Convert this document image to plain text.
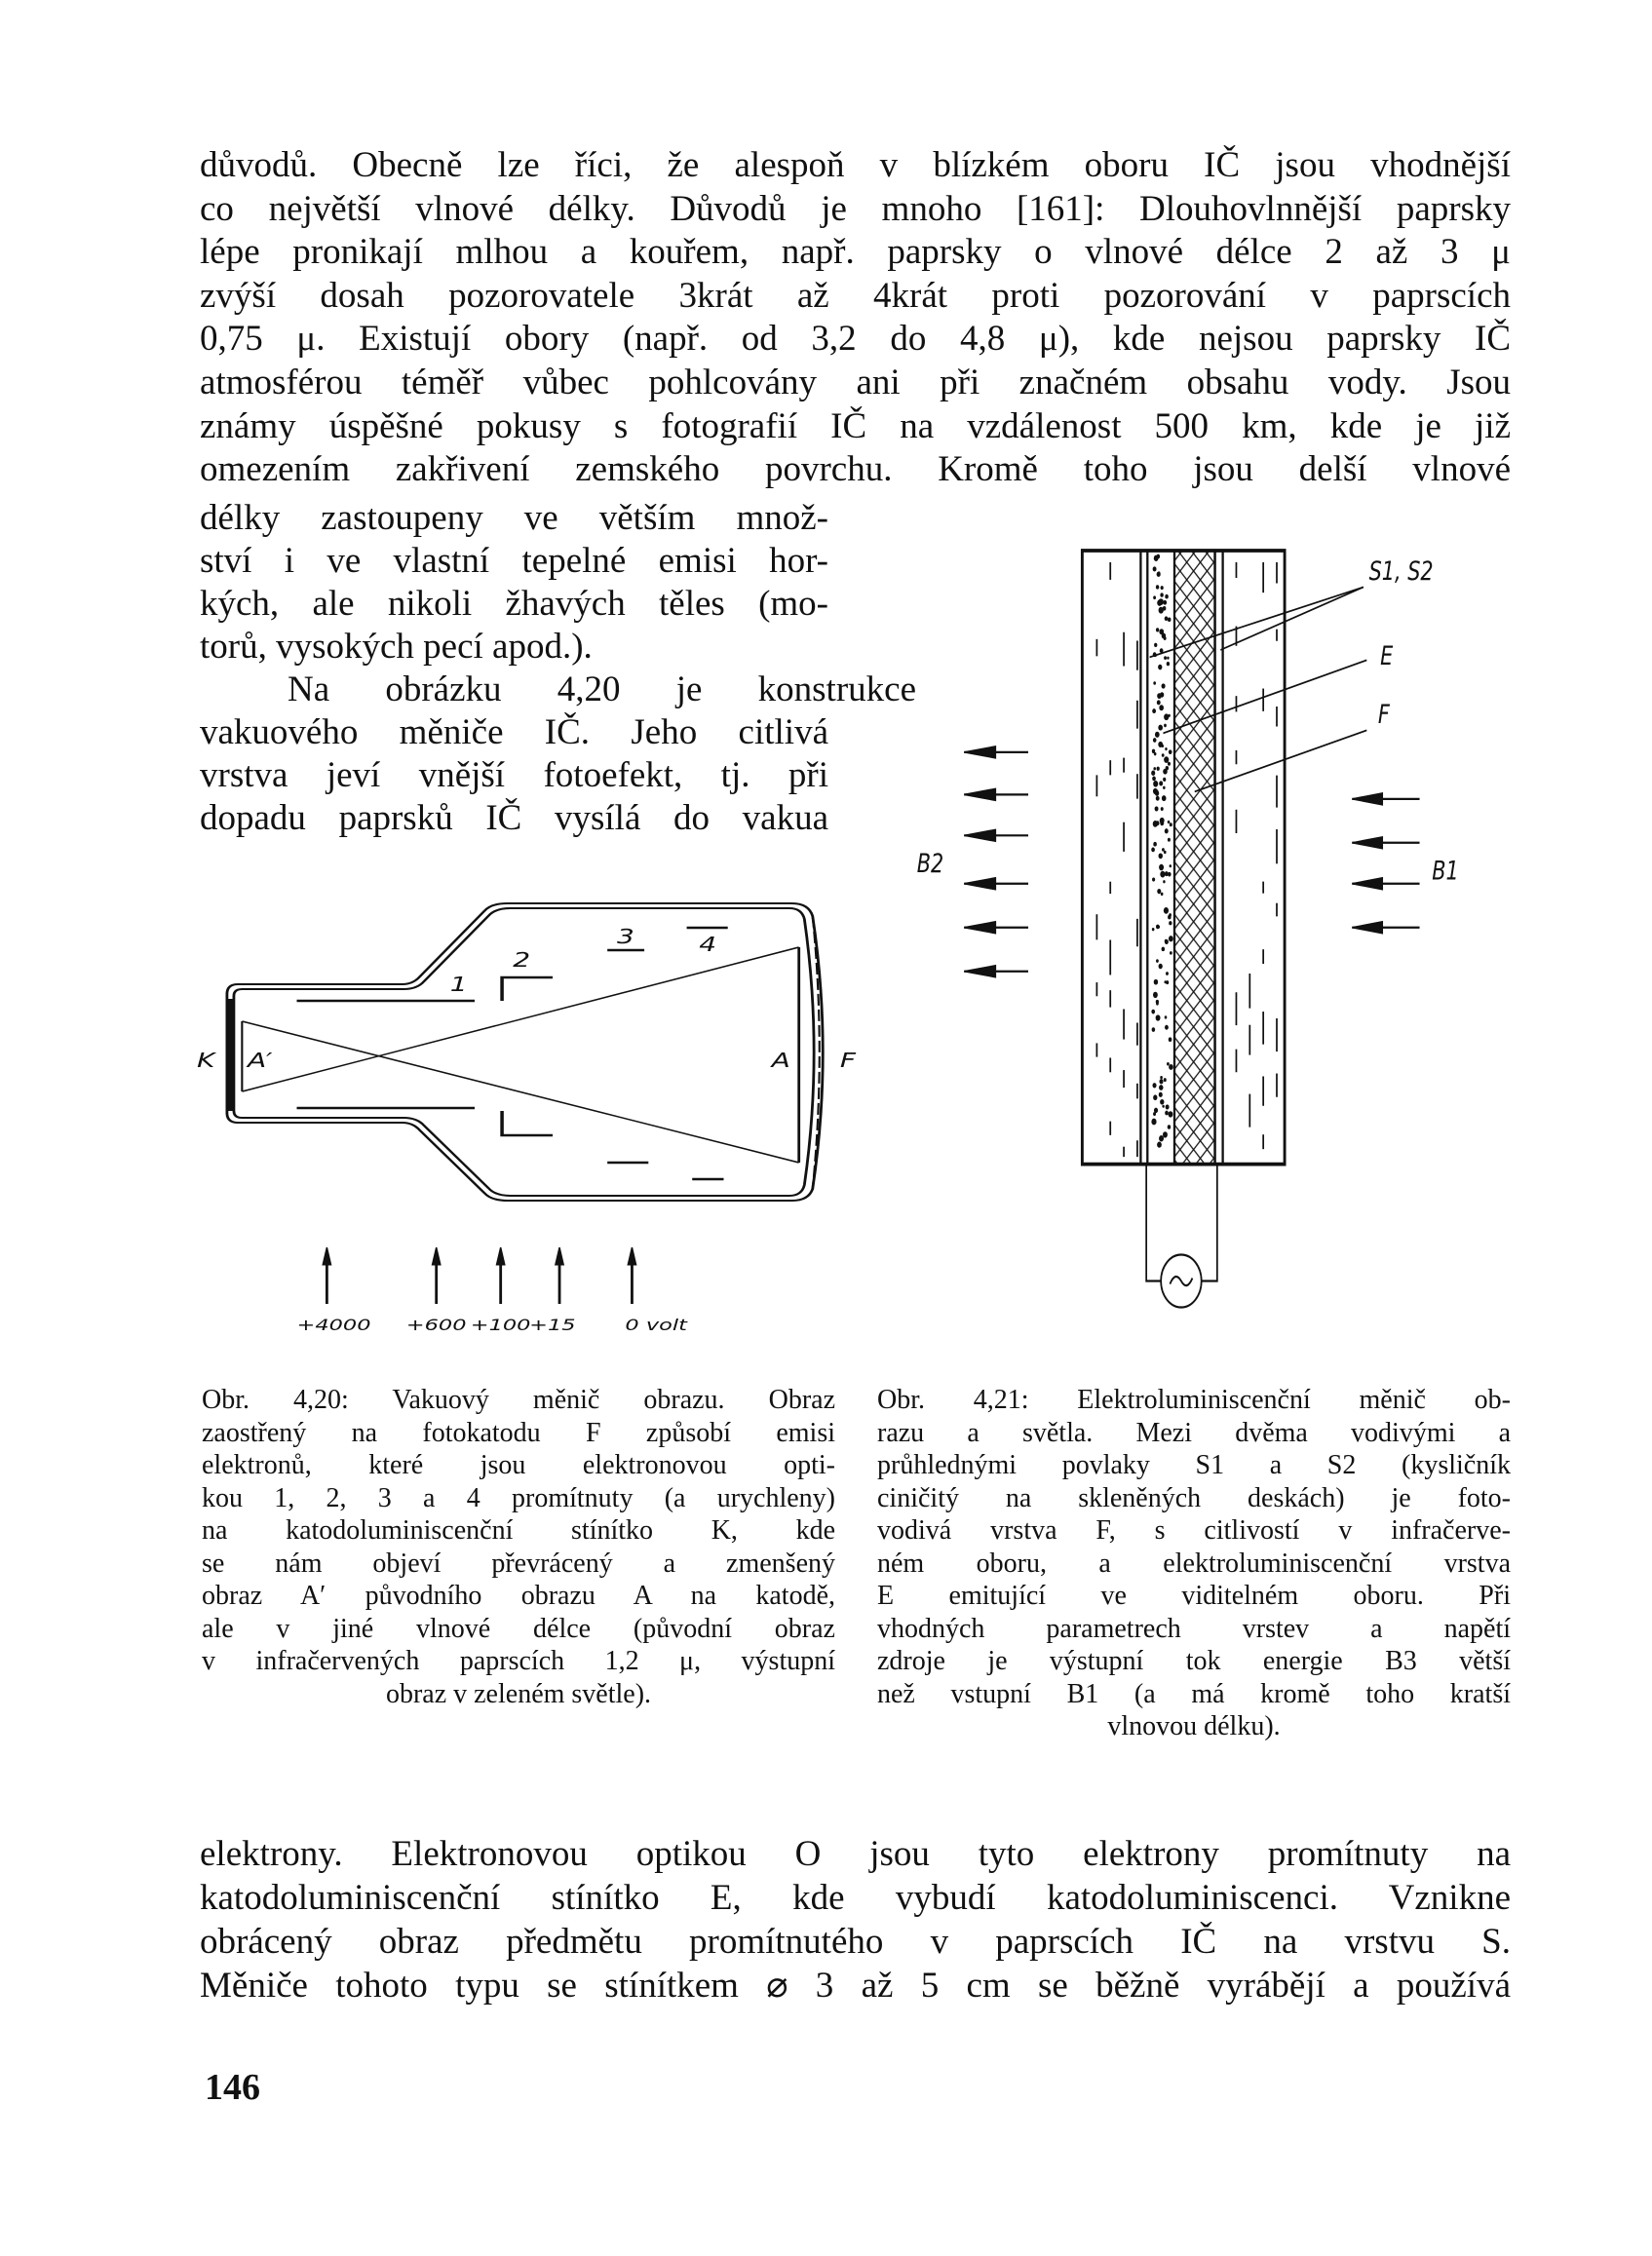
důvodů. Obecně lze říci, že alespoň v blízkém oboru IČ jsou vhodnější
co největší vlnové délky. Důvodů je mnoho [161]: Dlouhovlnnější paprsky
lépe pronikají mlhou a kouřem, např. paprsky o vlnové délce 2 až 3 μ
zvýší dosah pozorovatele 3krát až 4krát proti pozorování v paprscích
0,75 μ. Existují obory (např. od 3,2 do 4,8 μ), kde nejsou paprsky IČ
atmosférou téměř vůbec pohlcovány ani při značném obsahu vody. Jsou
známy úspěšné pokusy s fotografií IČ na vzdálenost 500 km, kde je již
omezením zakřivení zemského povrchu. Kromě toho jsou delší vlnové
délky zastoupeny ve větším množ-
ství i ve vlastní tepelné emisi hor-
kých, ale nikoli žhavých těles (mo-
torů, vysokých pecí apod.).
Na obrázku 4,20 je konstrukce
vakuového měniče IČ. Jeho citlivá
vrstva jeví vnější fotoefekt, tj. při
dopadu paprsků IČ vysílá do vakua
K A′	A	F
1
2
3	4
+4000 +600 +100
+15	0 volt
S1, S2
E
F
B2	B1
Obr. 4,20: Vakuový měnič obrazu. Obraz
zaostřený na fotokatodu F způsobí emisi
elektronů, které jsou elektronovou opti-
kou 1, 2, 3 a 4 promítnuty (a urychleny)
na katodoluminiscenční stínítko K, kde
se nám objeví převrácený a zmenšený
obraz A′ původního obrazu A na katodě,
ale v jiné vlnové délce (původní obraz
v infračervených paprscích 1,2 μ, výstupní
obraz v zeleném světle).
Obr. 4,21: Elektroluminiscenční měnič ob-
razu a světla. Mezi dvěma vodivými a
průhlednými povlaky S1 a S2 (kysličník
ciničitý na skleněných deskách) je foto-
vodivá vrstva F, s citlivostí v infračerve-
ném oboru, a elektroluminiscenční vrstva
E emitující ve viditelném oboru. Při
vhodných parametrech vrstev a napětí
zdroje je výstupní tok energie B3 větší
než vstupní B1 (a má kromě toho kratší
vlnovou délku).
elektrony. Elektronovou optikou O jsou tyto elektrony promítnuty na
katodoluminiscenční stínítko E, kde vybudí katodoluminiscenci. Vznikne
obrácený obraz předmětu promítnutého v paprscích IČ na vrstvu S.
Měniče tohoto typu se stínítkem ⌀ 3 až 5 cm se běžně vyrábějí a používá
146
